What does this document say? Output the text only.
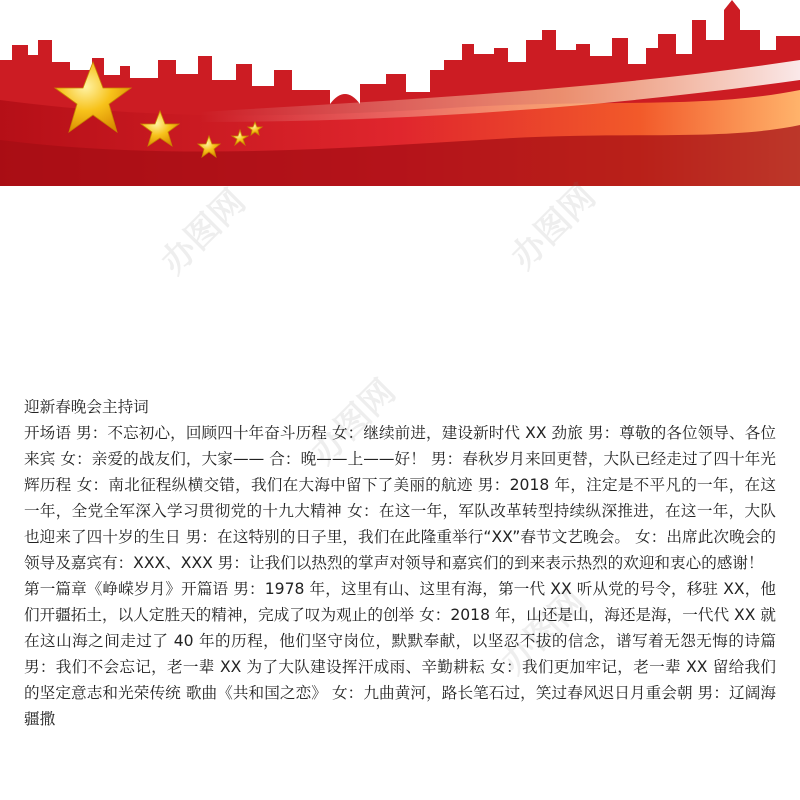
办图网	办图网
办图网
办图网

迎新春晚会主持词

开场语 男：不忘初心，回顾四十年奋斗历程 女：继续前进，建设新时代 XX 劲旅 男：尊敬的各位领导、各位来宾 女：亲爱的战友们，大家—— 合：晚——上——好！ 男：春秋岁月来回更替，大队已经走过了四十年光辉历程 女：南北征程纵横交错，我们在大海中留下了美丽的航迹 男：2018 年，注定是不平凡的一年，在这一年，全党全军深入学习贯彻党的十九大精神 女：在这一年，军队改革转型持续纵深推进，在这一年，大队也迎来了四十岁的生日 男：在这特别的日子里，我们在此隆重举行“XX”春节文艺晚会。 女：出席此次晚会的领导及嘉宾有：XXX、XXX 男：让我们以热烈的掌声对领导和嘉宾们的到来表示热烈的欢迎和衷心的感谢！

第一篇章《峥嵘岁月》开篇语 男：1978 年，这里有山、这里有海，第一代 XX 听从党的号令，移驻 XX，他们开疆拓土，以人定胜天的精神，完成了叹为观止的创举 女：2018 年，山还是山，海还是海，一代代 XX 就在这山海之间走过了 40 年的历程，他们坚守岗位，默默奉献，以坚忍不拔的信念，谱写着无怨无悔的诗篇 男：我们不会忘记，老一辈 XX 为了大队建设挥汗成雨、辛勤耕耘 女：我们更加牢记，老一辈 XX 留给我们的坚定意志和光荣传统 歌曲《共和国之恋》 女：九曲黄河，路长笔石过，笑过春风迟日月重会朝 男：辽阔海疆撒
